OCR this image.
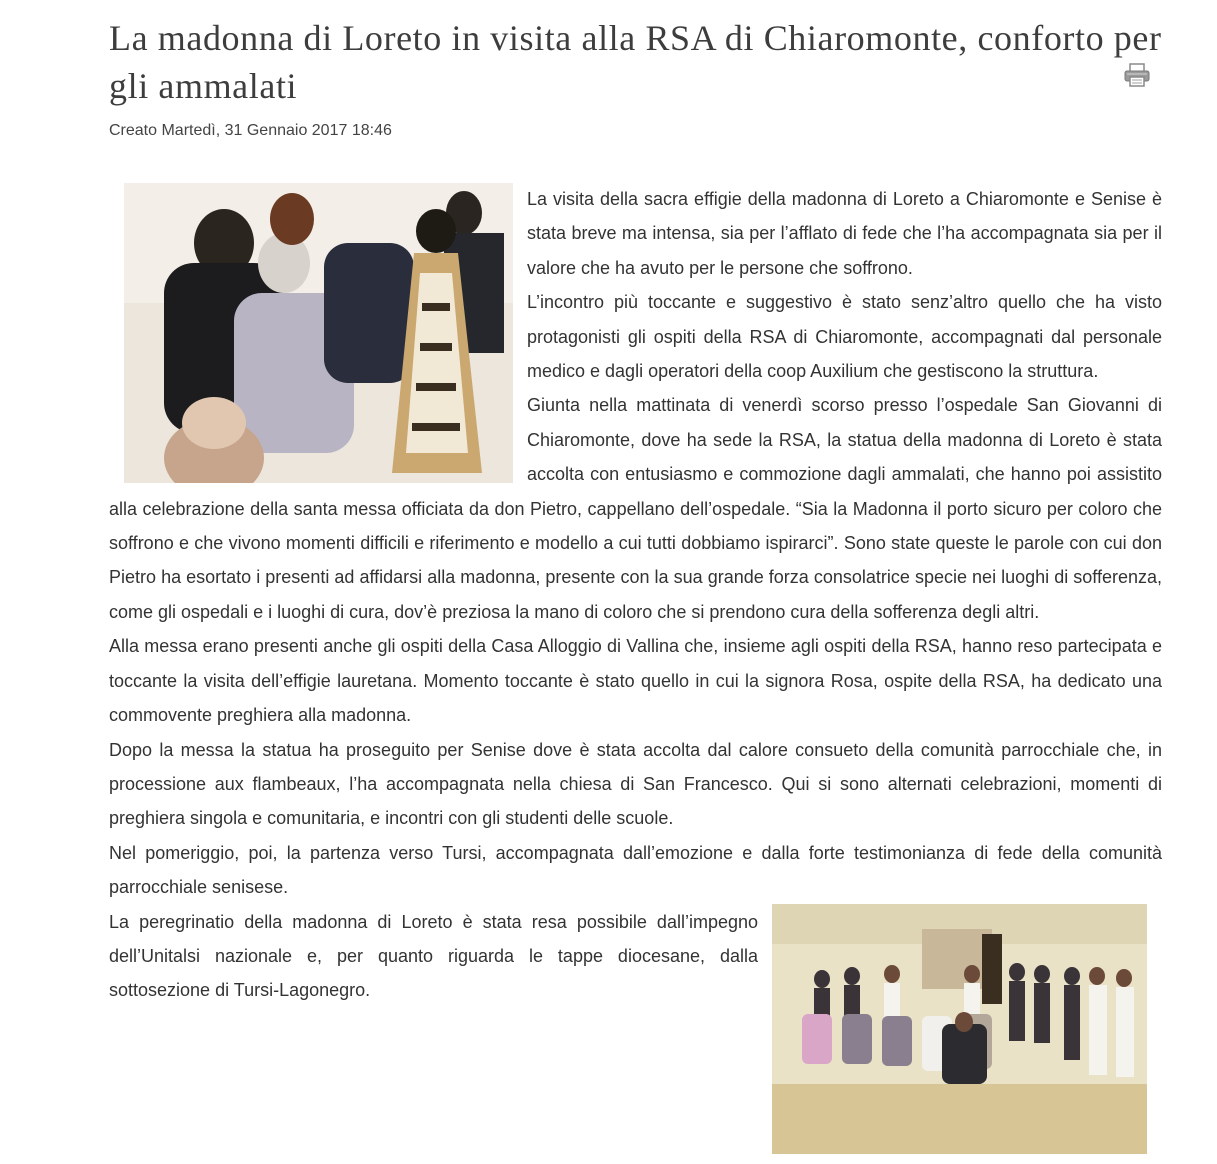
La madonna di Loreto in visita alla RSA di Chiaromonte, conforto per gli ammalati
Creato Martedì, 31 Gennaio 2017 18:46

La visita della sacra effigie della madonna di Loreto a Chiaromonte e Senise è stata breve ma intensa, sia per l’afflato di fede che l’ha accompagnata sia per il valore che ha avuto per le persone che soffrono.

L’incontro più toccante e suggestivo è stato senz’altro quello che ha visto protagonisti gli ospiti della RSA di Chiaromonte, accompagnati dal personale medico e dagli operatori della coop Auxilium che gestiscono la struttura.

Giunta nella mattinata di venerdì scorso presso l’ospedale San Giovanni di Chiaromonte, dove ha sede la RSA, la statua della madonna di Loreto è stata accolta con entusiasmo e commozione dagli ammalati, che hanno poi assistito alla celebrazione della santa messa officiata da don Pietro, cappellano dell’ospedale. “Sia la Madonna il porto sicuro per coloro che soffrono e che vivono momenti difficili e riferimento e modello a cui tutti dobbiamo ispirarci”. Sono state queste le parole con cui don Pietro ha esortato i presenti ad affidarsi alla madonna, presente con la sua grande forza consolatrice specie nei luoghi di sofferenza, come gli ospedali e i luoghi di cura, dov’è preziosa la mano di coloro che si prendono cura della sofferenza degli altri.

Alla messa erano presenti anche gli ospiti della Casa Alloggio di Vallina che, insieme agli ospiti della RSA, hanno reso partecipata e toccante la visita dell’effigie lauretana. Momento toccante è stato quello in cui la signora Rosa, ospite della RSA, ha dedicato una commovente preghiera alla madonna.

Dopo la messa la statua ha proseguito per Senise dove è stata accolta dal calore consueto della comunità parrocchiale che, in processione aux flambeaux, l’ha accompagnata nella chiesa di San Francesco. Qui si sono alternati celebrazioni, momenti di preghiera singola e comunitaria, e incontri con gli studenti delle scuole.

Nel pomeriggio, poi, la partenza verso Tursi, accompagnata dall’emozione e dalla forte testimonianza di fede della comunità parrocchiale senisese.

La peregrinatio della madonna di Loreto è stata resa possibile dall’impegno dell’Unitalsi nazionale e, per quanto riguarda le tappe diocesane, dalla sottosezione di Tursi-Lagonegro.
